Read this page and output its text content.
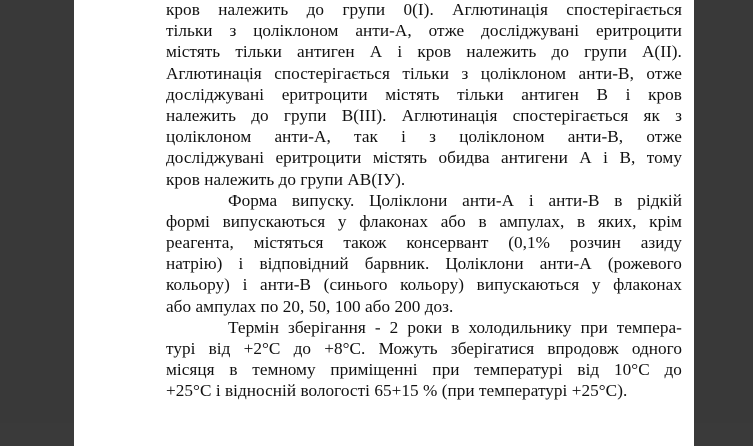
кров належить до групи 0(І). Аглютинація спостерігається
тільки з цоліклоном анти-А, отже досліджувані еритроцити
містять тільки антиген А і кров належить до групи А(ІІ).
Аглютинація спостерігається тільки з цоліклоном анти-В, отже
досліджувані еритроцити містять тільки антиген В і кров
належить до групи В(ІІІ). Аглютинація спостерігається як з
цоліклоном анти-А, так і з цоліклоном анти-В, отже
досліджувані еритроцити містять обидва антигени А і В, тому
кров належить до групи АВ(ІУ).
Форма випуску. Цоліклони анти-А і анти-В в рідкій
формі випускаються у флаконах або в ампулах, в яких, крім
реагента, містяться також консервант (0,1% розчин азиду
натрію) і відповідний барвник. Цоліклони анти-А (рожевого
кольору) і анти-В (синього кольору) випускаються у флаконах
або ампулах по 20, 50, 100 або 200 доз.
Термін зберігання - 2 роки в холодильнику при темпера-
турі від +2°С до +8°С. Можуть зберігатися впродовж одного
місяця в темному приміщенні при температурі від 10°С до
+25°С і відносній вологості 65+15 % (при температурі +25°С).
